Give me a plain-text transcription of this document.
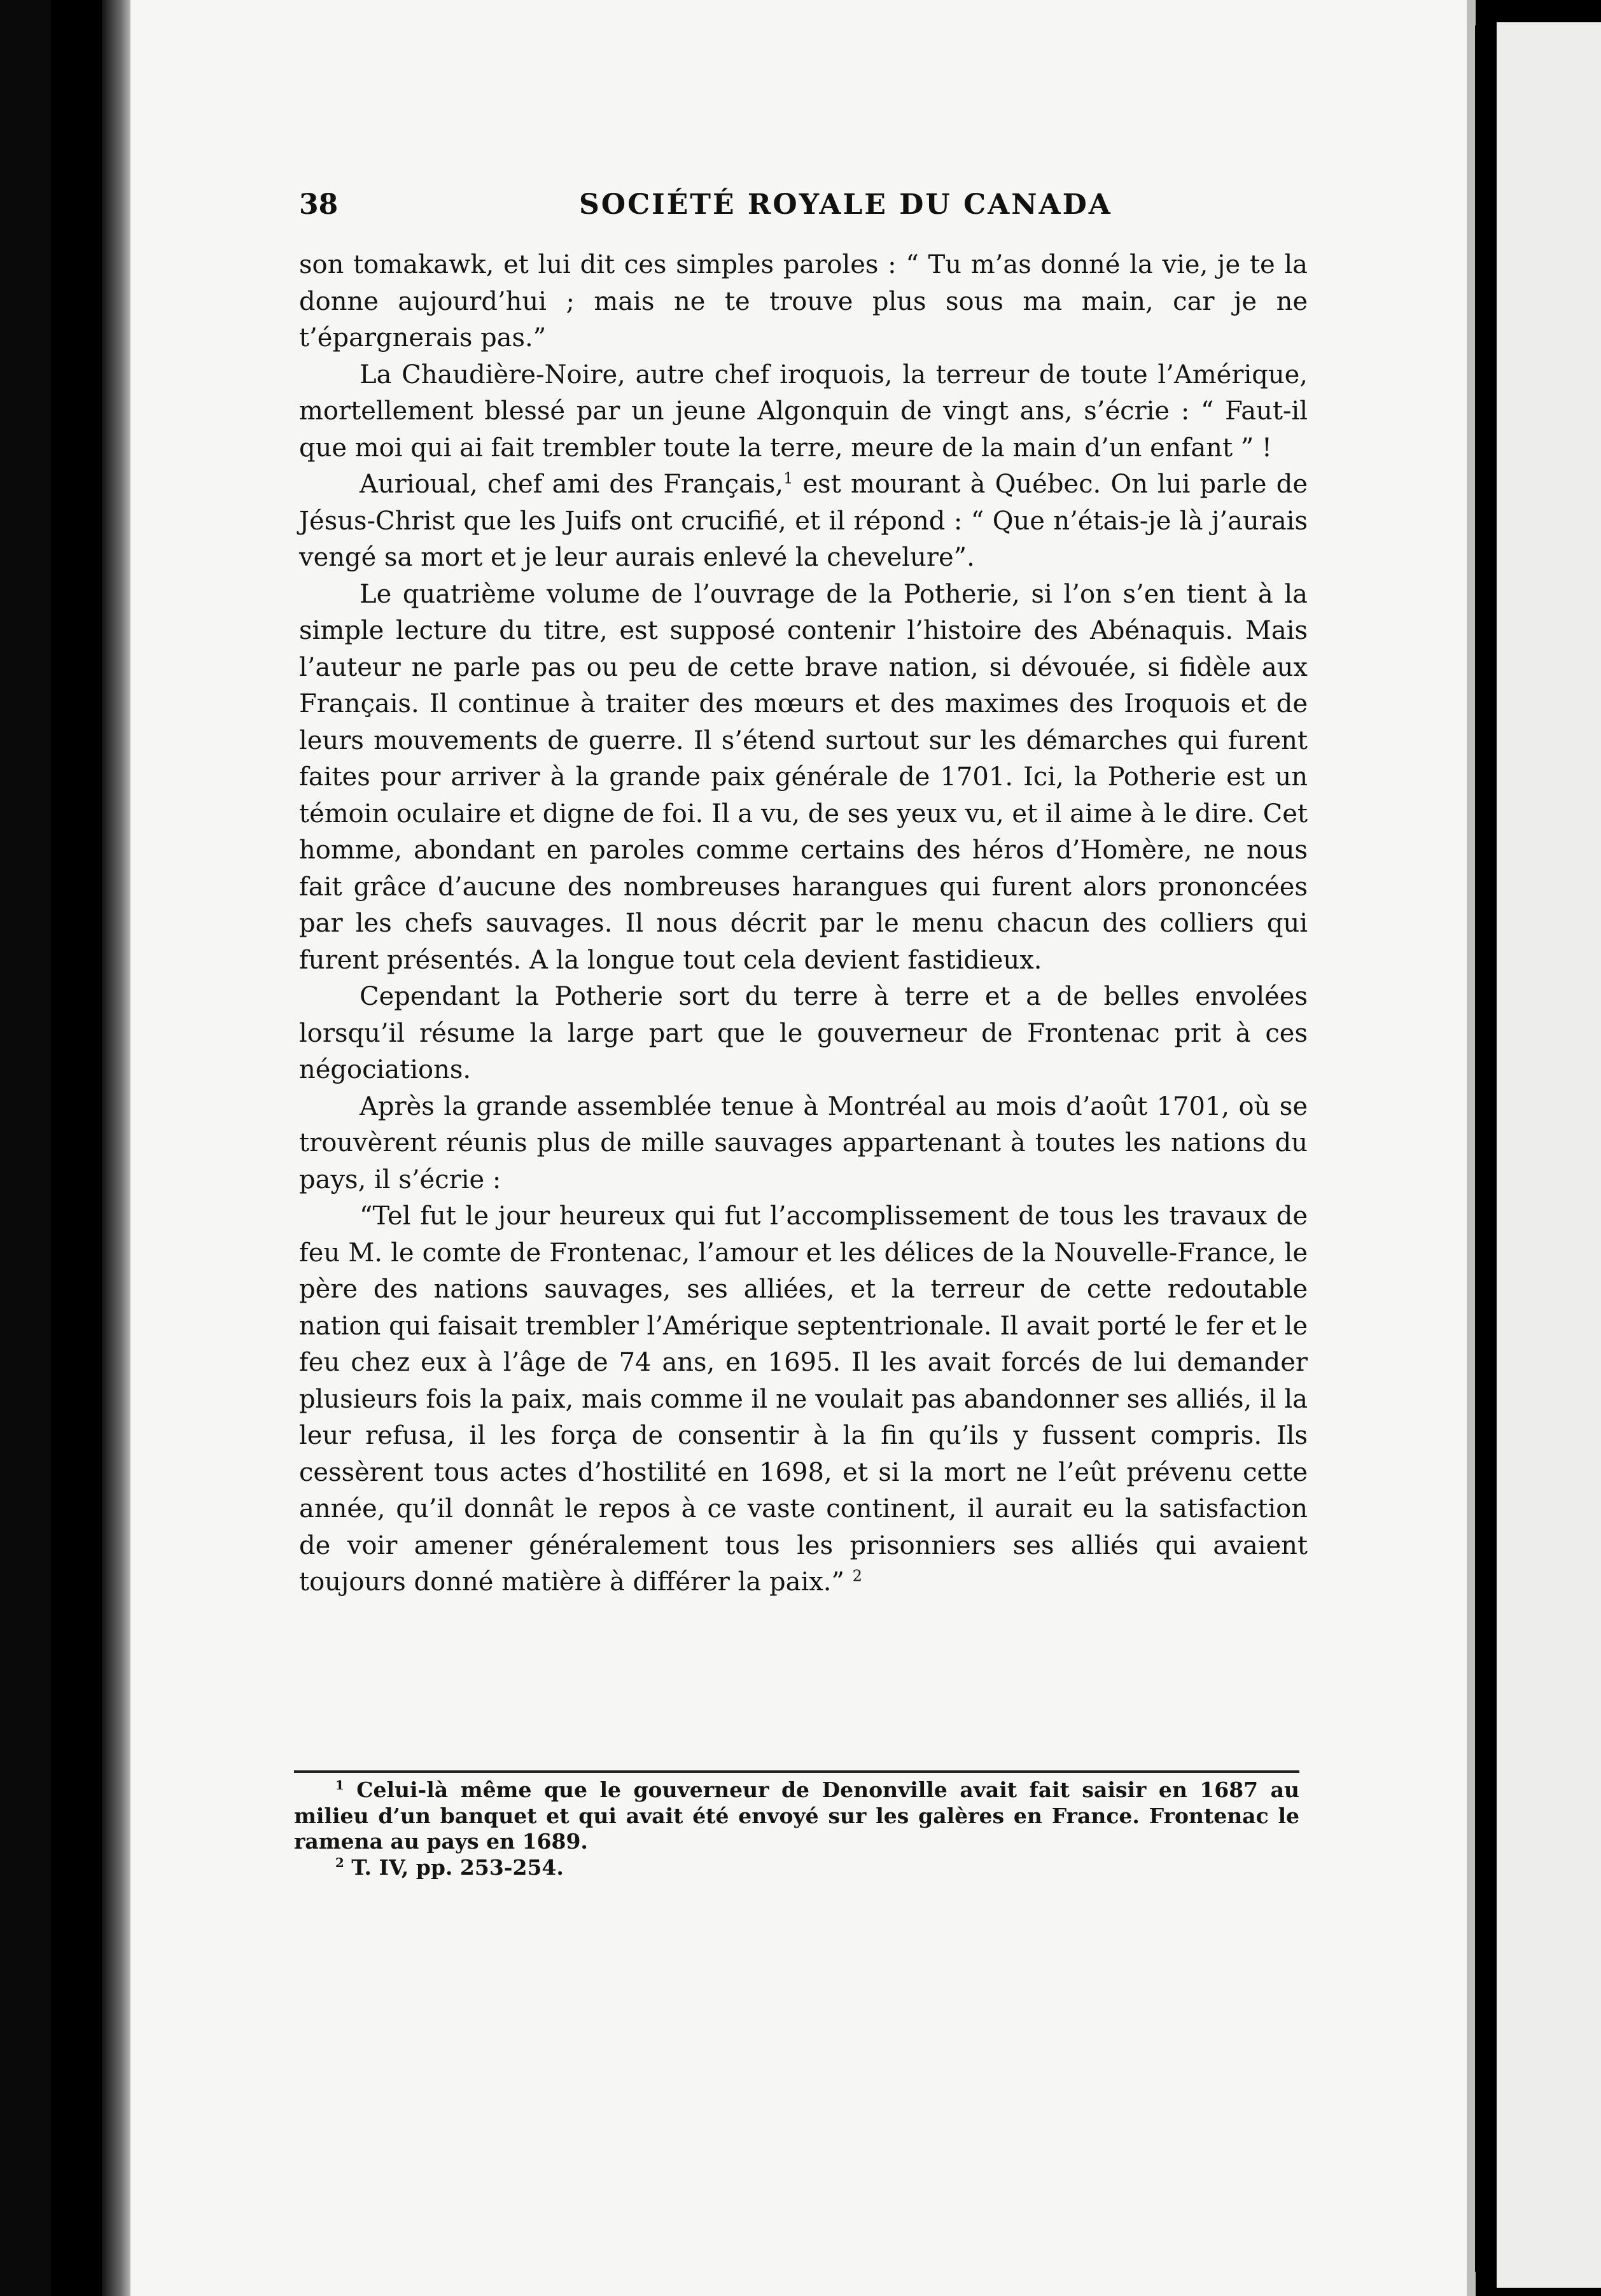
38	SOCIÉTÉ ROYALE DU CANADA

son tomakawk, et lui dit ces simples paroles : “ Tu m’as donné la vie, je te la donne aujourd’hui ; mais ne te trouve plus sous ma main, car je ne t’épargnerais pas.”

La Chaudière-Noire, autre chef iroquois, la terreur de toute l’Amérique, mortellement blessé par un jeune Algonquin de vingt ans, s’écrie : “ Faut-il que moi qui ai fait trembler toute la terre, meure de la main d’un enfant ” !

Aurioual, chef ami des Français,$^1$ est mourant à Québec. On lui parle de Jésus-Christ que les Juifs ont crucifié, et il répond : “ Que n’étais-je là j’aurais vengé sa mort et je leur aurais enlevé la chevelure”.

Le quatrième volume de l’ouvrage de la Potherie, si l’on s’en tient à la simple lecture du titre, est supposé contenir l’histoire des Abénaquis. Mais l’auteur ne parle pas ou peu de cette brave nation, si dévouée, si fidèle aux Français. Il continue à traiter des mœurs et des maximes des Iroquois et de leurs mouvements de guerre. Il s’étend surtout sur les démarches qui furent faites pour arriver à la grande paix générale de 1701. Ici, la Potherie est un témoin oculaire et digne de foi. Il a vu, de ses yeux vu, et il aime à le dire. Cet homme, abondant en paroles comme certains des héros d’Homère, ne nous fait grâce d’aucune des nombreuses harangues qui furent alors prononcées par les chefs sauvages. Il nous décrit par le menu chacun des colliers qui furent présentés. A la longue tout cela devient fastidieux.

Cependant la Potherie sort du terre à terre et a de belles envolées lorsqu’il résume la large part que le gouverneur de Frontenac prit à ces négociations.

Après la grande assemblée tenue à Montréal au mois d’août 1701, où se trouvèrent réunis plus de mille sauvages appartenant à toutes les nations du pays, il s’écrie :

“Tel fut le jour heureux qui fut l’accomplissement de tous les travaux de feu M. le comte de Frontenac, l’amour et les délices de la Nouvelle-France, le père des nations sauvages, ses alliées, et la terreur de cette redoutable nation qui faisait trembler l’Amérique septentrionale. Il avait porté le fer et le feu chez eux à l’âge de 74 ans, en 1695. Il les avait forcés de lui demander plusieurs fois la paix, mais comme il ne voulait pas abandonner ses alliés, il la leur refusa, il les força de consentir à la fin qu’ils y fussent compris. Ils cessèrent tous actes d’hostilité en 1698, et si la mort ne l’eût prévenu cette année, qu’il donnât le repos à ce vaste continent, il aurait eu la satisfaction de voir amener généralement tous les prisonniers ses alliés qui avaient toujours donné matière à différer la paix.” $^2$

$^1$ Celui-là même que le gouverneur de Denonville avait fait saisir en 1687 au milieu d’un banquet et qui avait été envoyé sur les galères en France. Frontenac le ramena au pays en 1689.

$^2$ T. IV, pp. 253-254.
